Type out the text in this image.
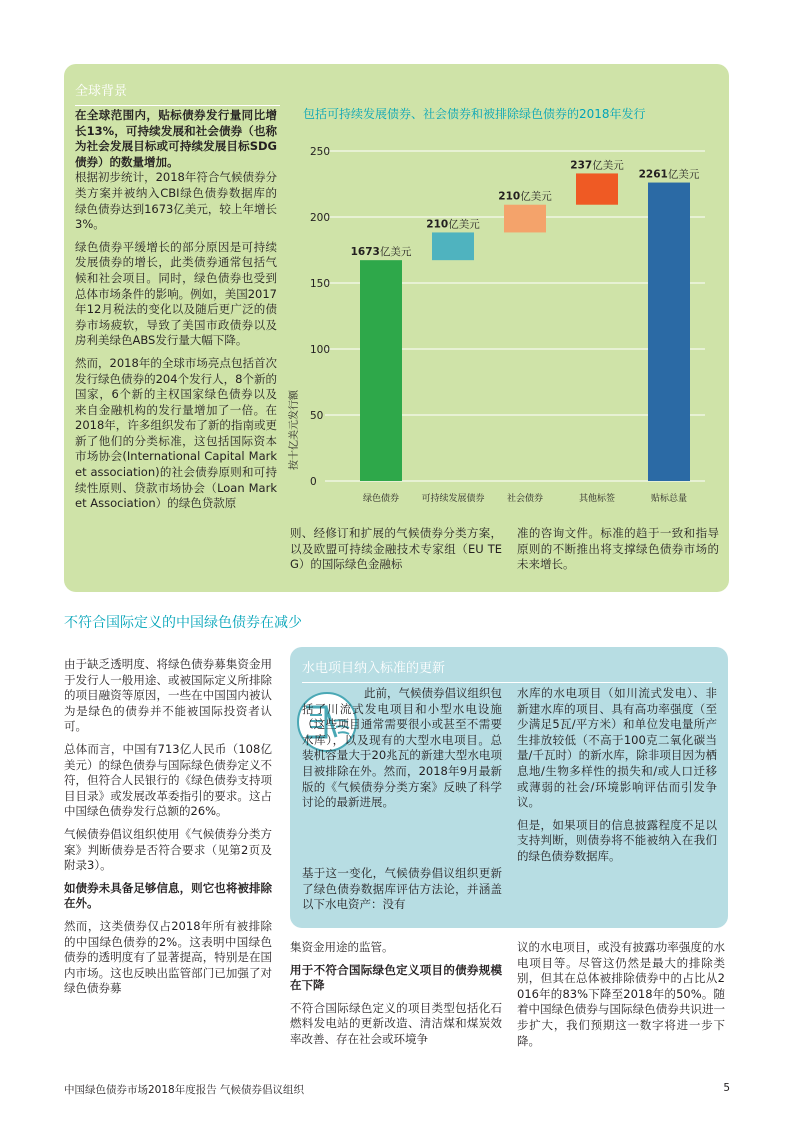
全球背景

在全球范围内，贴标债券发行量同比增长13%，可持续发展和社会债券（也称为社会发展目标或可持续发展目标SDG债券）的数量增加。

根据初步统计，2018年符合气候债券分类方案并被纳入CBI绿色债券数据库的绿色债券达到1673亿美元，较上年增长3%。

绿色债券平缓增长的部分原因是可持续发展债券的增长，此类债券通常包括气候和社会项目。同时，绿色债券也受到总体市场条件的影响。例如，美国2017年12月税法的变化以及随后更广泛的债券市场疲软，导致了美国市政债券以及房利美绿色ABS发行量大幅下降。

然而，2018年的全球市场亮点包括首次发行绿色债券的204个发行人，8个新的国家，6个新的主权国家绿色债券以及来自金融机构的发行量增加了一倍。在2018年，许多组织发布了新的指南或更新了他们的分类标准，这包括国际资本市场协会(International Capital Market association)的社会债券原则和可持续性原则、贷款市场协会（Loan Market Association）的绿色贷款原

则、经修订和扩展的气候债券分类方案，以及欧盟可持续金融技术专家组（EU TEG）的国际绿色金融标
准的咨询文件。标准的趋于一致和指导原则的不断推出将支撑绿色债券市场的未来增长。
包括可持续发展债券、社会债券和被排除绿色债券的2018年发行
0
50
100
150
200
250
1673亿美元
210亿美元
210亿美元
237亿美元
2261亿美元
绿色债券 可持续发展债券 社会债券	其他标签	贴标总量
按十亿美元发行额
不符合国际定义的中国绿色债券在减少

由于缺乏透明度、将绿色债券募集资金用于发行人一般用途、或被国际定义所排除的项目融资等原因，一些在中国国内被认为是绿色的债券并不能被国际投资者认可。

总体而言，中国有713亿人民币（108亿美元）的绿色债券与国际绿色债券定义不符，但符合人民银行的《绿色债券支持项目目录》或发展改革委指引的要求。这占中国绿色债券发行总额的26%。

气候债券倡议组织使用《气候债券分类方案》判断债券是否符合要求（见第2页及附录3）。

如债券未具备足够信息，则它也将被排除在外。

然而，这类债券仅占2018年所有被排除的中国绿色债券的2%。这表明中国绿色债券的透明度有了显著提高，特别是在国内市场。这也反映出监管部门已加强了对绿色债券募

水电项目纳入标准的更新
此前，气候债券倡议组织包括了川流式发电项目和小型水电设施（这些项目通常需要很小或甚至不需要水库），以及现有的大型水电项目。总装机容量大于20兆瓦的新建大型水电项目被排除在外。然而，2018年9月最新版的《气候债券分类方案》反映了科学讨论的最新进展。
基于这一变化，气候债券倡议组织更新了绿色债券数据库评估方法论，并涵盖以下水电资产：没有

水库的水电项目（如川流式发电）、非新建水库的项目、具有高功率强度（至少满足5瓦/平方米）和单位发电量所产生排放较低（不高于100克二氧化碳当量/千瓦时）的新水库，除非项目因为栖息地/生物多样性的损失和/或人口迁移或薄弱的社会/环境影响评估而引发争议。

但是，如果项目的信息披露程度不足以支持判断，则债券将不能被纳入在我们的绿色债券数据库。

集资金用途的监管。

用于不符合国际绿色定义项目的债券规模在下降

不符合国际绿色定义的项目类型包括化石燃料发电站的更新改造、清洁煤和煤炭效率改善、存在社会或环境争

议的水电项目，或没有披露功率强度的水电项目等。尽管这仍然是最大的排除类别，但其在总体被排除债券中的占比从2016年的83%下降至2018年的50%。随着中国绿色债券与国际绿色债券共识进一步扩大，我们预期这一数字将进一步下降。

中国绿色债券市场2018年度报告 气候债券倡议组织	5
